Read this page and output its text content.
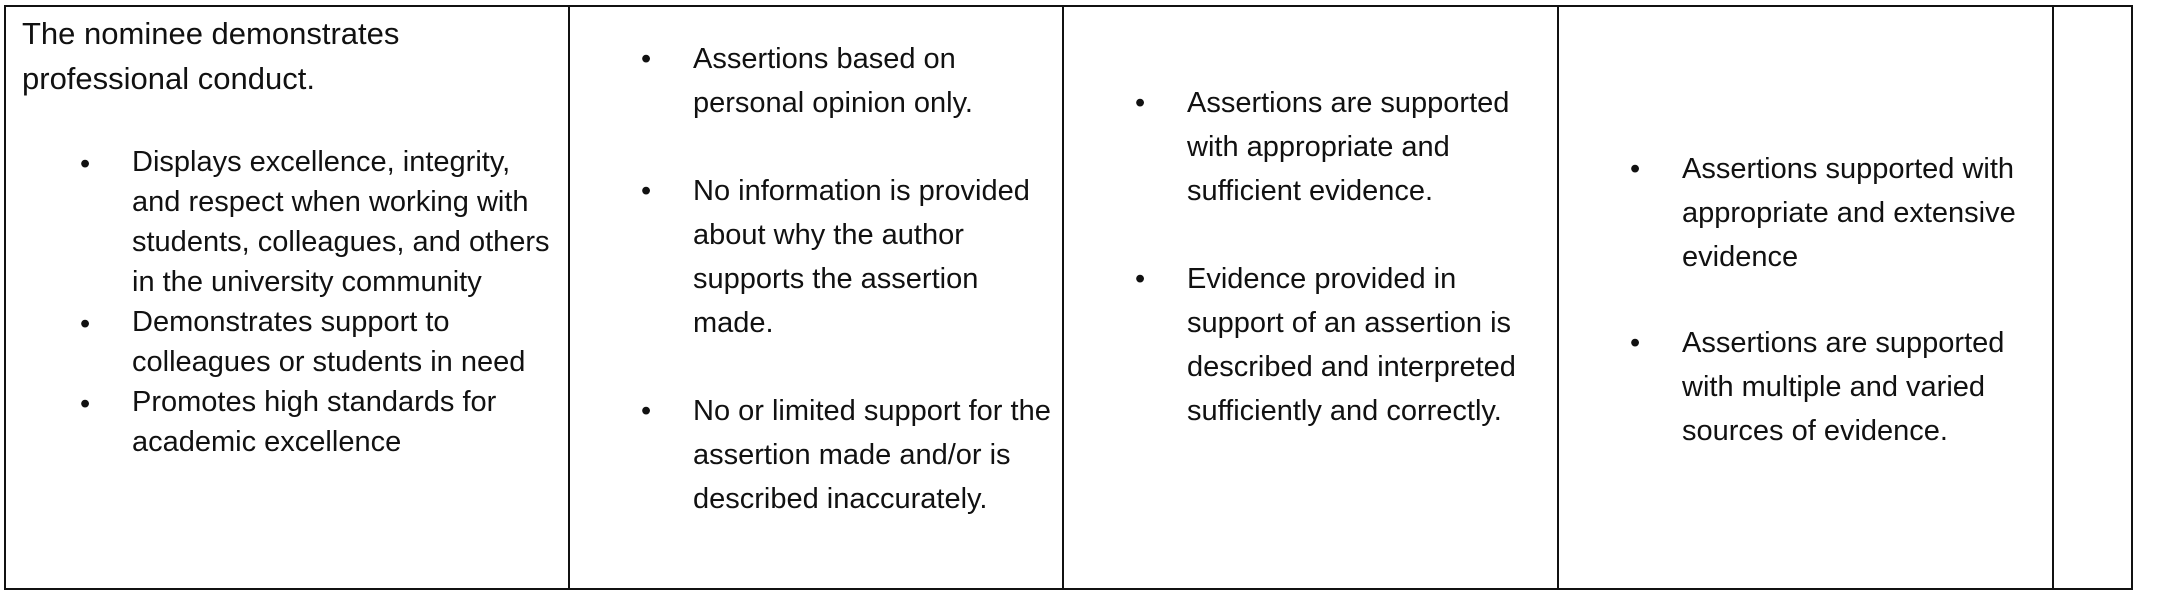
The nominee demonstrates professional conduct.
• Displays excellence, integrity, and respect when working with students, colleagues, and others in the university community
• Demonstrates support to colleagues or students in need
• Promotes high standards for academic excellence
• Assertions based on personal opinion only.
• No information is provided about why the author supports the assertion made.
• No or limited support for the assertion made and/or is described inaccurately.
• Assertions are supported with appropriate and sufficient evidence.
• Evidence provided in support of an assertion is described and interpreted sufficiently and correctly.
• Assertions supported with appropriate and extensive evidence
• Assertions are supported with multiple and varied sources of evidence.
